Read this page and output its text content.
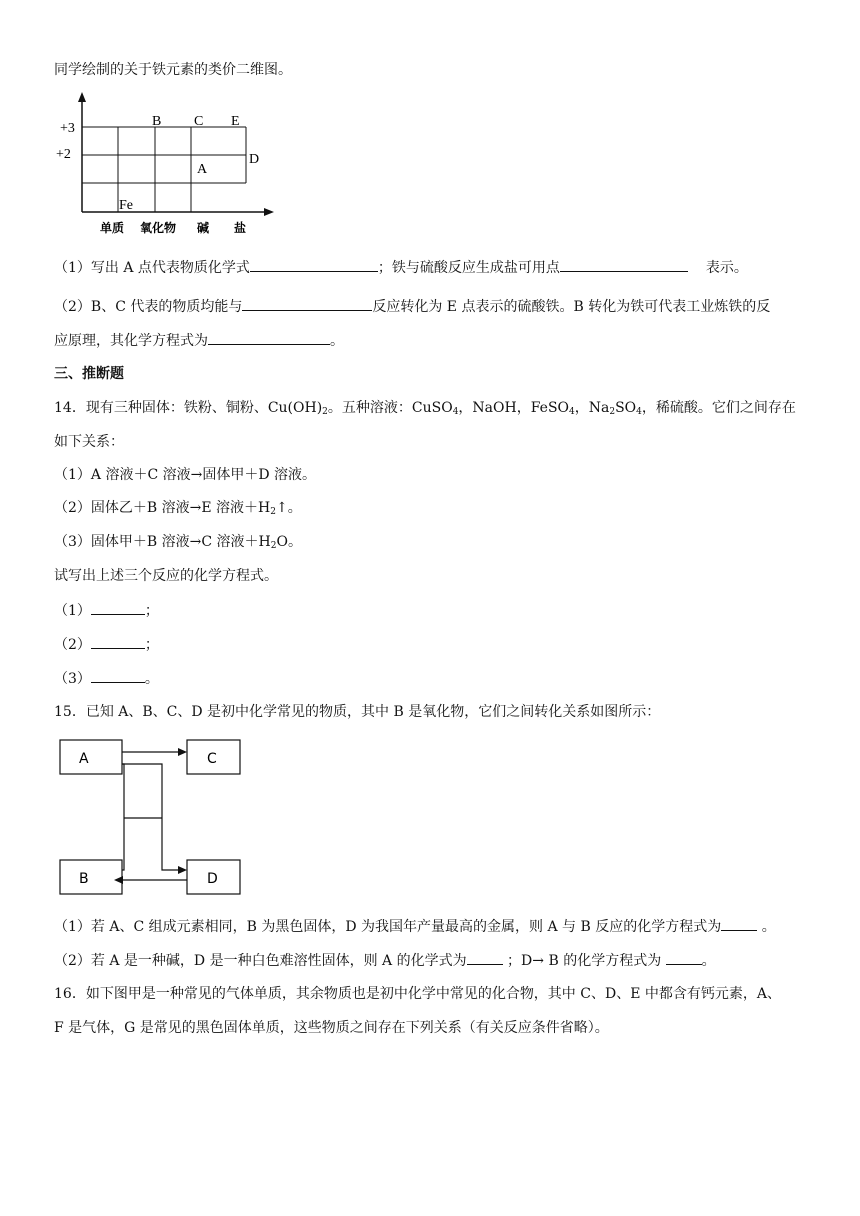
同学绘制的关于铁元素的类价二维图。
+3
+2
B C E
D
A
Fe
单质 氧化物 碱 盐
（1）写出 A 点代表物质化学式	；铁与硫酸反应生成盐可用点	表示。
（2）B、C 代表的物质均能与	反应转化为 E 点表示的硫酸铁。B 转化为铁可代表工业炼铁的反
应原理，其化学方程式为	。
三、推断题
14．现有三种固体：铁粉、铜粉、$Cu(OH)_2$。五种溶液：CuSO$_4$，NaOH，FeSO$_4$，$Na_2SO_4$，稀硫酸。它们之间存在
如下关系：
（1）A 溶液＋C 溶液→固体甲＋D 溶液。
（2）固体乙＋B 溶液→E 溶液$+H_2↑$。
（3）固体甲＋B 溶液→C 溶液$+H_2O$。
试写出上述三个反应的化学方程式。
（1）	；
（2）	；
（3）	。
15．已知 A、B、C、D 是初中化学常见的物质，其中 B 是氧化物，它们之间转化关系如图所示：
A	C
B	D
（1）若 A、C 组成元素相同，B 为黑色固体，D 为我国年产量最高的金属，则 A 与 B 反应的化学方程式为	。
（2）若 A 是一种碱，D 是一种白色难溶性固体，则 A 的化学式为	；D→ B 的化学方程式为	。
16．如下图甲是一种常见的气体单质，其余物质也是初中化学中常见的化合物，其中 C、D、E 中都含有钙元素，A、
F 是气体，G 是常见的黑色固体单质，这些物质之间存在下列关系（有关反应条件省略）。
